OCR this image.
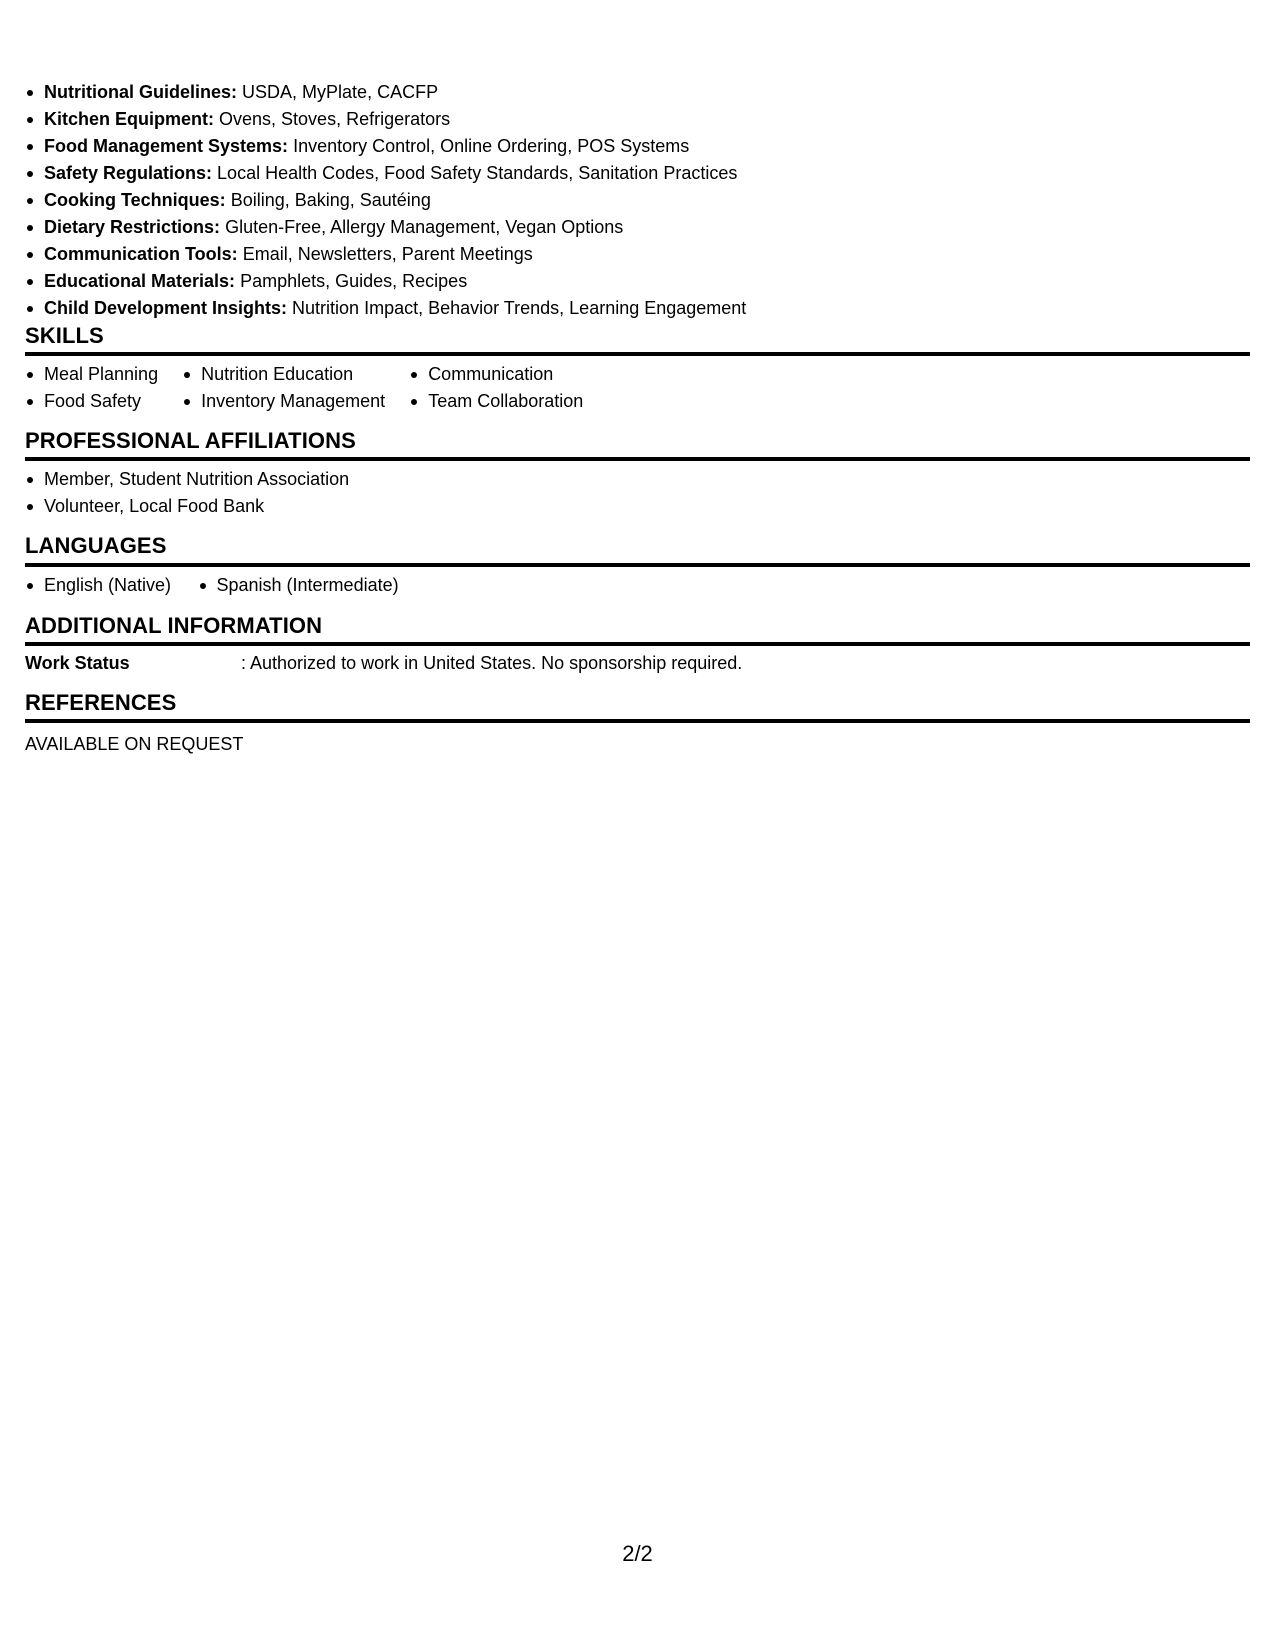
Nutritional Guidelines: USDA, MyPlate, CACFP
Kitchen Equipment: Ovens, Stoves, Refrigerators
Food Management Systems: Inventory Control, Online Ordering, POS Systems
Safety Regulations: Local Health Codes, Food Safety Standards, Sanitation Practices
Cooking Techniques: Boiling, Baking, Sautéing
Dietary Restrictions: Gluten-Free, Allergy Management, Vegan Options
Communication Tools: Email, Newsletters, Parent Meetings
Educational Materials: Pamphlets, Guides, Recipes
Child Development Insights: Nutrition Impact, Behavior Trends, Learning Engagement
SKILLS
Meal Planning
Food Safety
Nutrition Education
Inventory Management
Communication
Team Collaboration
PROFESSIONAL AFFILIATIONS
Member, Student Nutrition Association
Volunteer, Local Food Bank
LANGUAGES
English (Native)	Spanish (Intermediate)
ADDITIONAL INFORMATION
Work Status	: Authorized to work in United States. No sponsorship required.
REFERENCES
AVAILABLE ON REQUEST
2/2
